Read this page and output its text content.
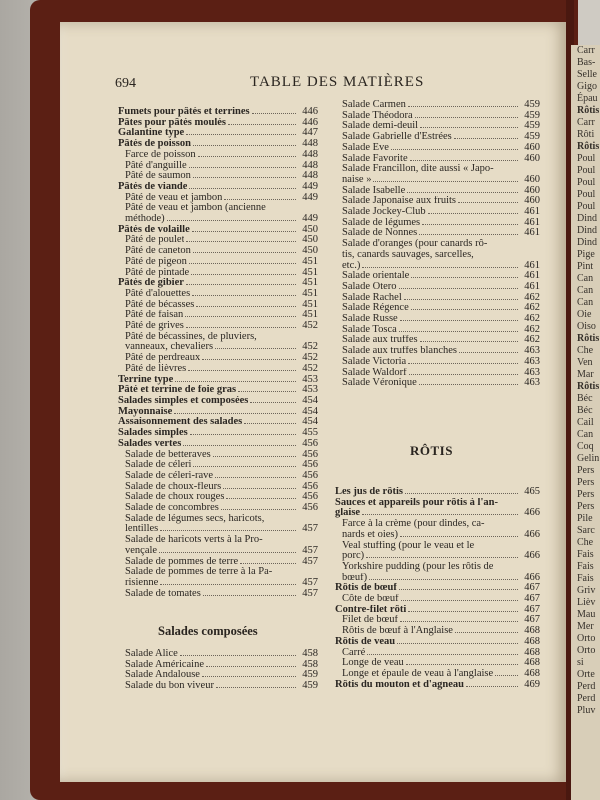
Carr
Bas-
Selle
Gigo
Épau
Rôtis
Carr
Rôti
Rôtis
Poul
Poul
Poul
Poul
Poul
Dind
Dind
Dind
Pige
Pint
Can
Can
Can
Oie
Oiso
Rôtis
Che
Ven
Mar
Rôtis
Béc
Béc
Cail
Can
Coq
Gelin
Pers
Pers
Pers
Pers
Pile
Sarc
Che
Fais
Fais
Fais
Griv
Lièv
Mau
Mer
Orto
Orto
si
Orte
Perd
Perd
Pluv
694	TABLE DES MATIÈRES
Fumets pour pâtés et terrines	446
Pâtes pour pâtés moulés	446
Galantine type	447
Pâtés de poisson	448
Farce de poisson	448
Pâté d'anguille	448
Pâté de saumon	448
Pâtés de viande	449
Pâté de veau et jambon	449
Pâté de veau et jambon (ancienne
méthode)	449
Pâtés de volaille	450
Pâté de poulet	450
Pâté de caneton	450
Pâté de pigeon	451
Pâté de pintade	451
Pâtés de gibier	451
Pâté d'alouettes	451
Pâté de bécasses	451
Pâté de faisan	451
Pâté de grives	452
Pâté de bécassines, de pluviers,
vanneaux, chevaliers	452
Pâté de perdreaux	452
Pâté de lièvres	452
Terrine type	453
Pâté et terrine de foie gras	453
Salades simples et composées	454
Mayonnaise	454
Assaisonnement des salades	454
Salades simples	455
Salades vertes	456
Salade de betteraves	456
Salade de céleri	456
Salade de céleri-rave	456
Salade de choux-fleurs	456
Salade de choux rouges	456
Salade de concombres	456
Salade de légumes secs, haricots,
lentilles	457
Salade de haricots verts à la Pro-
vençale	457
Salade de pommes de terre	457
Salade de pommes de terre à la Pa-
risienne	457
Salade de tomates	457
Salades composées
Salade Alice	458
Salade Américaine	458
Salade Andalouse	459
Salade du bon viveur	459
Salade Carmen	459
Salade Théodora	459
Salade demi-deuil	459
Salade Gabrielle d'Estrées	459
Salade Eve	460
Salade Favorite	460
Salade Francillon, dite aussi « Japo-
naise »	460
Salade Isabelle	460
Salade Japonaise aux fruits	460
Salade Jockey-Club	461
Salade de légumes	461
Salade de Nonnes	461
Salade d'oranges (pour canards rô-
tis, canards sauvages, sarcelles,
etc.)	461
Salade orientale	461
Salade Otero	461
Salade Rachel	462
Salade Régence	462
Salade Russe	462
Salade Tosca	462
Salade aux truffes	462
Salade aux truffes blanches	463
Salade Victoria	463
Salade Waldorf	463
Salade Véronique	463
RÔTIS
Les jus de rôtis	465
Sauces et appareils pour rôtis à l'an-
glaise	466
Farce à la crème (pour dindes, ca-
nards et oies)	466
Veal stuffing (pour le veau et le
porc)	466
Yorkshire pudding (pour les rôtis de
bœuf)	466
Rôtis de bœuf	467
Côte de bœuf	467
Contre-filet rôti	467
Filet de bœuf	467
Rôtis de bœuf à l'Anglaise	468
Rôtis de veau	468
Carré	468
Longe de veau	468
Longe et épaule de veau à l'anglaise	468
Rôtis du mouton et d'agneau	469
